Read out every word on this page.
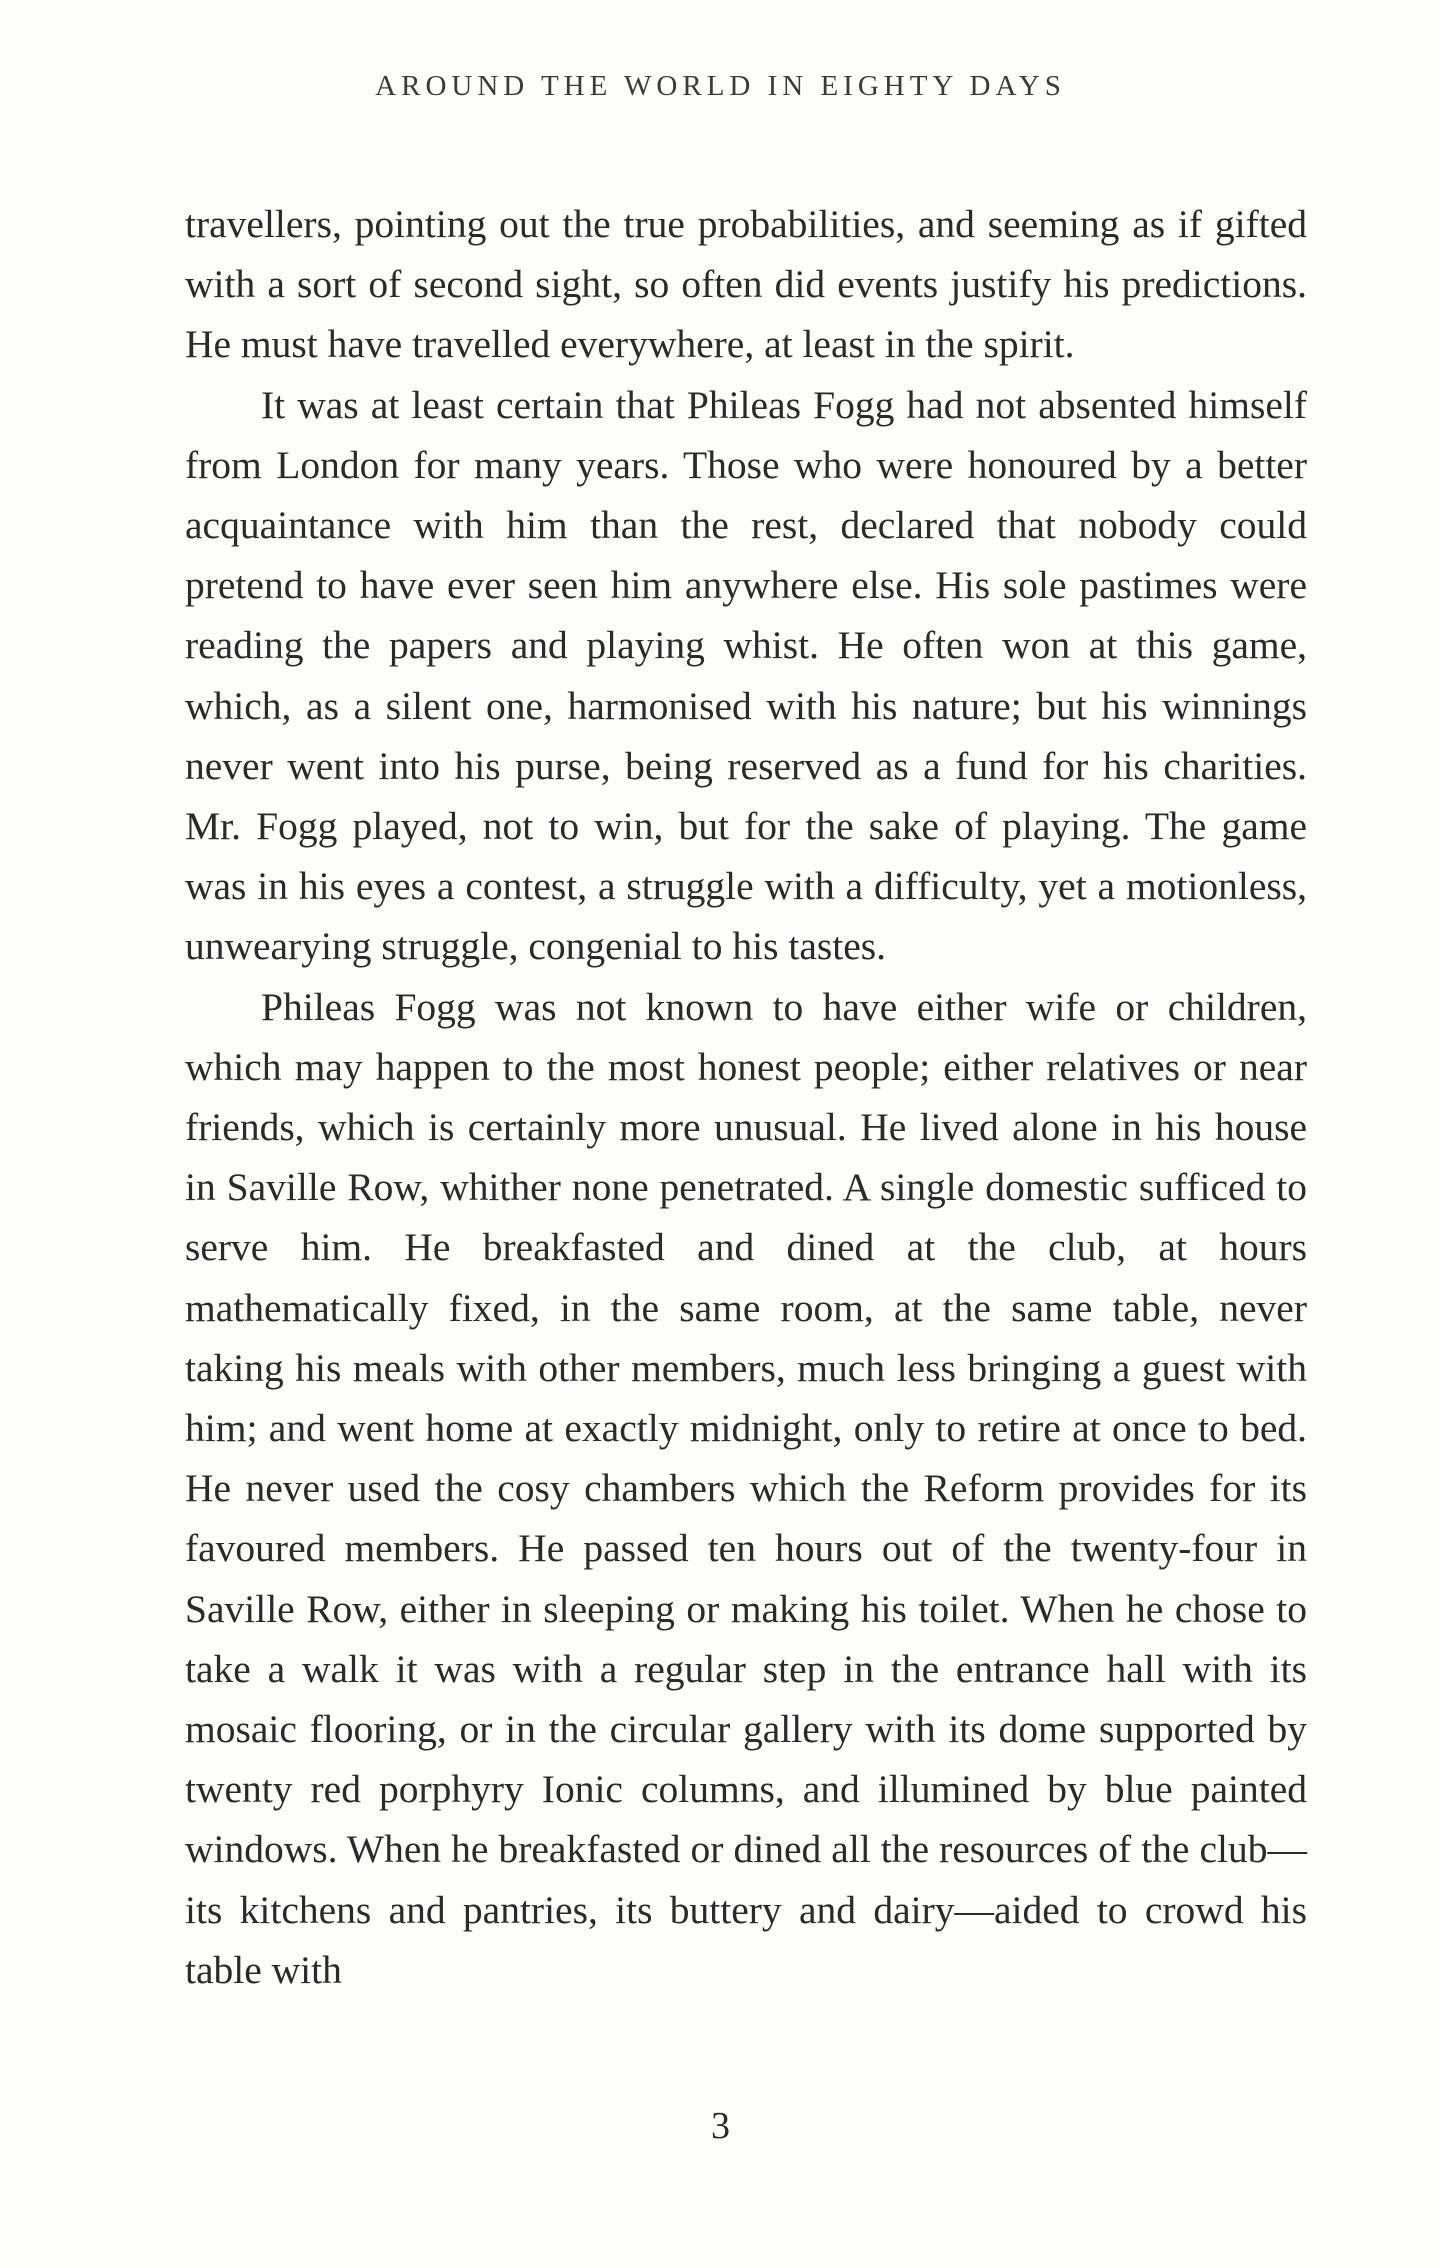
AROUND THE WORLD IN EIGHTY DAYS

travellers, pointing out the true probabilities, and seeming as if gifted with a sort of second sight, so often did events justify his predictions. He must have travelled everywhere, at least in the spirit.

It was at least certain that Phileas Fogg had not absented himself from London for many years. Those who were honoured by a better acquaintance with him than the rest, declared that nobody could pretend to have ever seen him anywhere else. His sole pastimes were reading the papers and playing whist. He often won at this game, which, as a silent one, harmonised with his nature; but his winnings never went into his purse, being reserved as a fund for his charities. Mr. Fogg played, not to win, but for the sake of playing. The game was in his eyes a contest, a struggle with a difficulty, yet a motionless, unwearying struggle, congenial to his tastes.

Phileas Fogg was not known to have either wife or children, which may happen to the most honest people; either relatives or near friends, which is certainly more unusual. He lived alone in his house in Saville Row, whither none penetrated. A single domestic sufficed to serve him. He breakfasted and dined at the club, at hours mathematically fixed, in the same room, at the same table, never taking his meals with other members, much less bringing a guest with him; and went home at exactly midnight, only to retire at once to bed. He never used the cosy chambers which the Reform provides for its favoured members. He passed ten hours out of the twenty-four in Saville Row, either in sleeping or making his toilet. When he chose to take a walk it was with a regular step in the entrance hall with its mosaic flooring, or in the circular gallery with its dome supported by twenty red porphyry Ionic columns, and illumined by blue painted windows. When he breakfasted or dined all the resources of the club—its kitchens and pantries, its buttery and dairy—aided to crowd his table with

3
